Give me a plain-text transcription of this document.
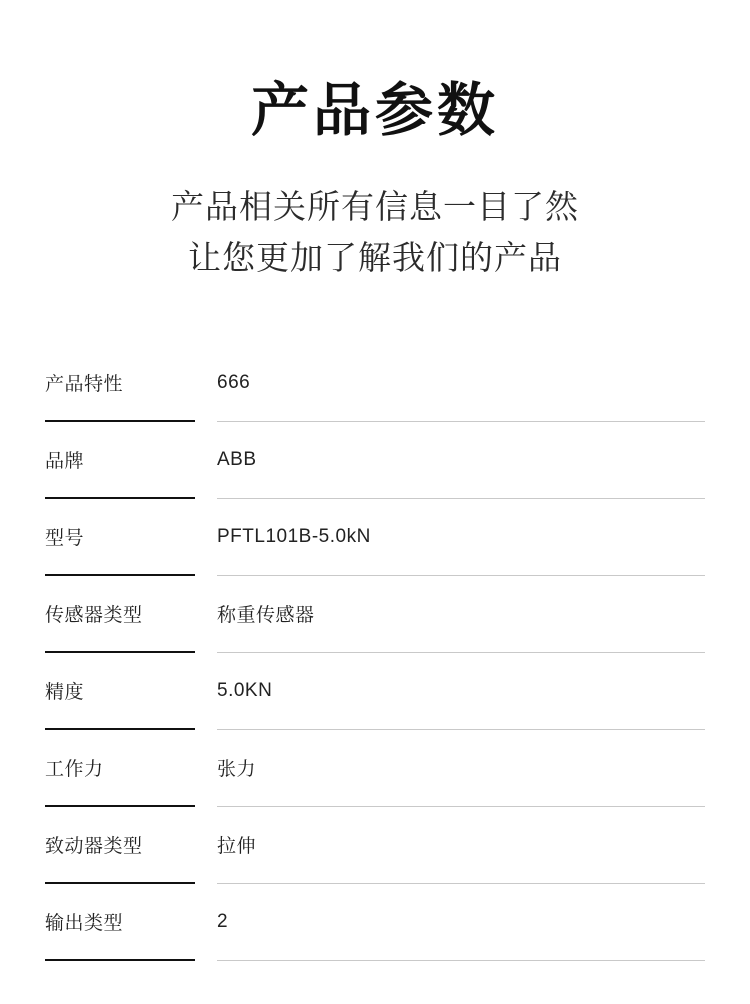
产品参数
产品相关所有信息一目了然
让您更加了解我们的产品
产品特性	666
品牌	ABB
型号	PFTL101B-5.0kN
传感器类型	称重传感器
精度	5.0KN
工作力	张力
致动器类型	拉伸
输出类型	2
